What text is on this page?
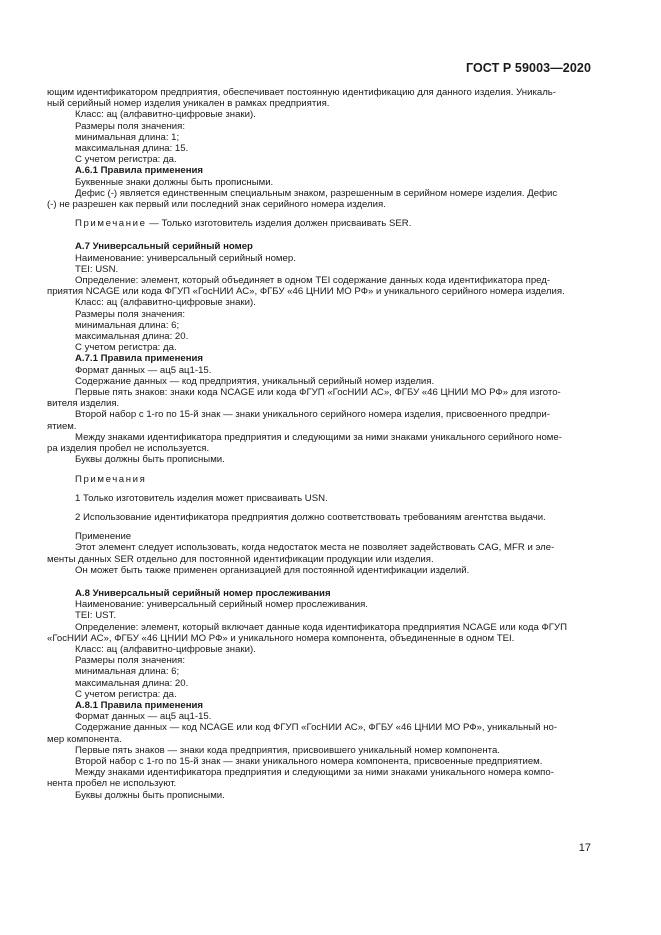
ГОСТ Р 59003—2020

ющим идентификатором предприятия, обеспечивает постоянную идентификацию для данного изделия. Уникаль-

ный серийный номер изделия уникален в рамках предприятия.

Класс: ац (алфавитно-цифровые знаки).

Размеры поля значения:

минимальная длина: 1;

максимальная длина: 15.

С учетом регистра: да.

А.6.1 Правила применения

Буквенные знаки должны быть прописными.

Дефис (-) является единственным специальным знаком, разрешенным в серийном номере изделия. Дефис

(-) не разрешен как первый или последний знак серийного номера изделия.

Примечание — Только изготовитель изделия должен присваивать SER.

А.7 Универсальный серийный номер

Наименование: универсальный серийный номер.

TEI: USN.

Определение: элемент, который объединяет в одном TEI содержание данных кода идентификатора пред-

приятия NCAGE или кода ФГУП «ГосНИИ АС», ФГБУ «46 ЦНИИ МО РФ» и уникального серийного номера изделия.

Класс: ац (алфавитно-цифровые знаки).

Размеры поля значения:

минимальная длина: 6;

максимальная длина: 20.

С учетом регистра: да.

А.7.1 Правила применения

Формат данных — ац5 ац1-15.

Содержание данных — код предприятия, уникальный серийный номер изделия.

Первые пять знаков: знаки кода NCAGE или кода ФГУП «ГосНИИ АС», ФГБУ «46 ЦНИИ МО РФ» для изгото-

вителя изделия.

Второй набор с 1-го по 15-й знак — знаки уникального серийного номера изделия, присвоенного предпри-

ятием.

Между знаками идентификатора предприятия и следующими за ними знаками уникального серийного номе-

ра изделия пробел не используется.

Буквы должны быть прописными.

Примечания

1 Только изготовитель изделия может присваивать USN.

2 Использование идентификатора предприятия должно соответствовать требованиям агентства выдачи.

Применение

Этот элемент следует использовать, когда недостаток места не позволяет задействовать CAG, MFR и эле-

менты данных SER отдельно для постоянной идентификации продукции или изделия.

Он может быть также применен организацией для постоянной идентификации изделий.

А.8 Универсальный серийный номер прослеживания

Наименование: универсальный серийный номер прослеживания.

TEI: UST.

Определение: элемент, который включает данные кода идентификатора предприятия NCAGE или кода ФГУП

«ГосНИИ АС», ФГБУ «46 ЦНИИ МО РФ» и уникального номера компонента, объединенные в одном TEI.

Класс: ац (алфавитно-цифровые знаки).

Размеры поля значения:

минимальная длина: 6;

максимальная длина: 20.

С учетом регистра: да.

А.8.1 Правила применения

Формат данных — ац5 ац1-15.

Содержание данных — код NCAGE или код ФГУП «ГосНИИ АС», ФГБУ «46 ЦНИИ МО РФ», уникальный но-

мер компонента.

Первые пять знаков — знаки кода предприятия, присвоившего уникальный номер компонента.

Второй набор с 1-го по 15-й знак — знаки уникального номера компонента, присвоенные предприятием.

Между знаками идентификатора предприятия и следующими за ними знаками уникального номера компо-

нента пробел не используют.

Буквы должны быть прописными.

17
